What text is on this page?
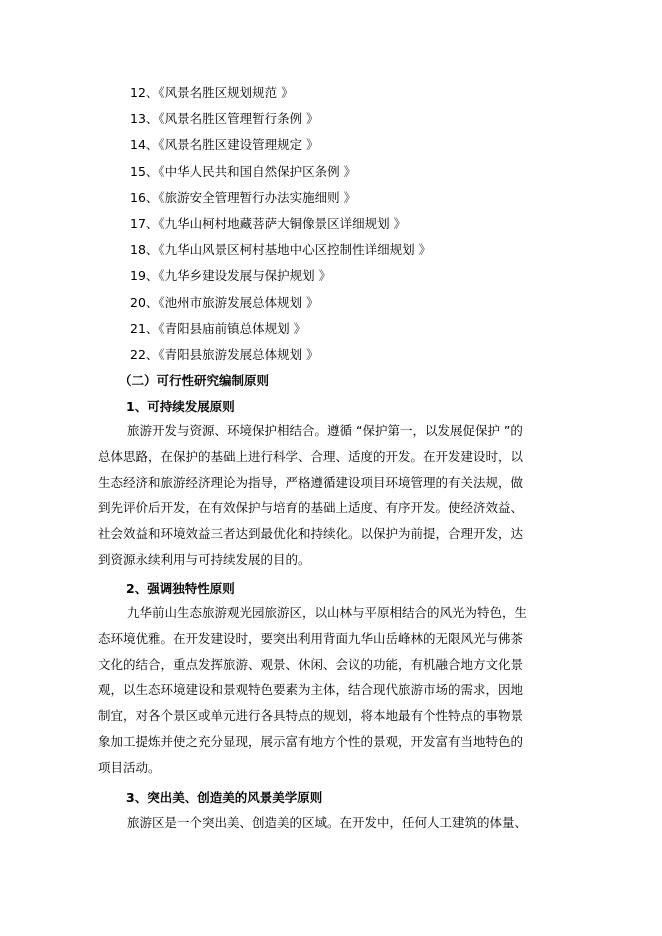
12、《风景名胜区规划规范 》
13、《风景名胜区管理暂行条例 》
14、《风景名胜区建设管理规定 》
15、《中华人民共和国自然保护区条例 》
16、《旅游安全管理暂行办法实施细则 》
17、《九华山柯村地藏菩萨大铜像景区详细规划 》
18、《九华山风景区柯村基地中心区控制性详细规划 》
19、《九华乡建设发展与保护规划 》
20、《池州市旅游发展总体规划 》
21、《青阳县庙前镇总体规划 》
22、《青阳县旅游发展总体规划 》
（二）可行性研究编制原则
1、可持续发展原则
旅游开发与资源、环境保护相结合。遵循 “保护第一，以发展促保护 ”的
总体思路，在保护的基础上进行科学、合理、适度的开发。在开发建设时，以
生态经济和旅游经济理论为指导，严格遵循建设项目环境管理的有关法规，做
到先评价后开发，在有效保护与培育的基础上适度、有序开发。使经济效益、
社会效益和环境效益三者达到最优化和持续化。以保护为前提，合理开发，达
到资源永续利用与可持续发展的目的。
2、强调独特性原则
九华前山生态旅游观光园旅游区，以山林与平原相结合的风光为特色，生
态环境优雅。在开发建设时，要突出利用背面九华山岳峰林的无限风光与佛茶
文化的结合，重点发挥旅游、观景、休闲、会议的功能，有机融合地方文化景
观，以生态环境建设和景观特色要素为主体，结合现代旅游市场的需求，因地
制宜，对各个景区或单元进行各具特点的规划，将本地最有个性特点的事物景
象加工提炼并使之充分显现，展示富有地方个性的景观，开发富有当地特色的
项目活动。
3、突出美、创造美的风景美学原则
旅游区是一个突出美、创造美的区域。在开发中，任何人工建筑的体量、
